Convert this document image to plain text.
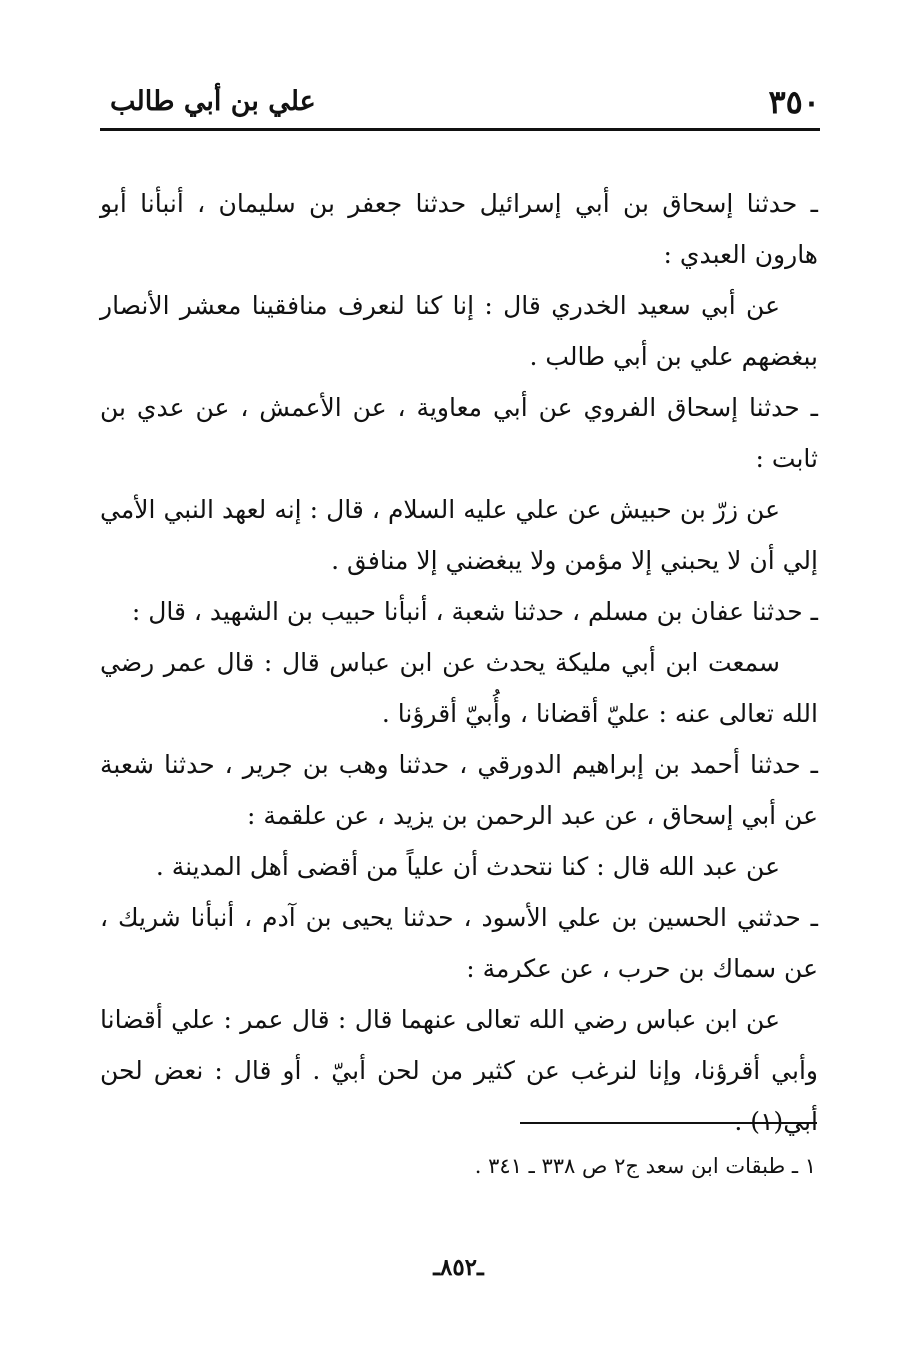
٣٥٠
علي بن أبي طالب

ـ حدثنا إسحاق بن أبي إسرائيل حدثنا جعفر بن سليمان ، أنبأنا أبو هارون العبدي :

عن أبي سعيد الخدري قال : إنا كنا لنعرف منافقينا معشر الأنصار ببغضهم علي بن أبي طالب .

ـ حدثنا إسحاق الفروي عن أبي معاوية ، عن الأعمش ، عن عدي بن ثابت :

عن زرّ بن حبيش عن علي عليه السلام ، قال : إنه لعهد النبي الأمي إلي أن لا يحبني إلا مؤمن ولا يبغضني إلا منافق .

ـ حدثنا عفان بن مسلم ، حدثنا شعبة ، أنبأنا حبيب بن الشهيد ، قال :

سمعت ابن أبي مليكة يحدث عن ابن عباس قال : قال عمر رضي الله تعالى عنه : عليّ أقضانا ، وأُبيّ أقرؤنا .

ـ حدثنا أحمد بن إبراهيم الدورقي ، حدثنا وهب بن جرير ، حدثنا شعبة عن أبي إسحاق ، عن عبد الرحمن بن يزيد ، عن علقمة :

عن عبد الله قال : كنا نتحدث أن علياً من أقضى أهل المدينة .

ـ حدثني الحسين بن علي الأسود ، حدثنا يحيى بن آدم ، أنبأنا شريك ، عن سماك بن حرب ، عن عكرمة :

عن ابن عباس رضي الله تعالى عنهما قال : قال عمر : علي أقضانا وأبي أقرؤنا، وإنا لنرغب عن كثير من لحن أبيّ . أو قال : نعض لحن أبي(١) .

١ ـ طبقات ابن سعد ج٢ ص ٣٣٨ ـ ٣٤١ .
ـ٨٥٢ـ
